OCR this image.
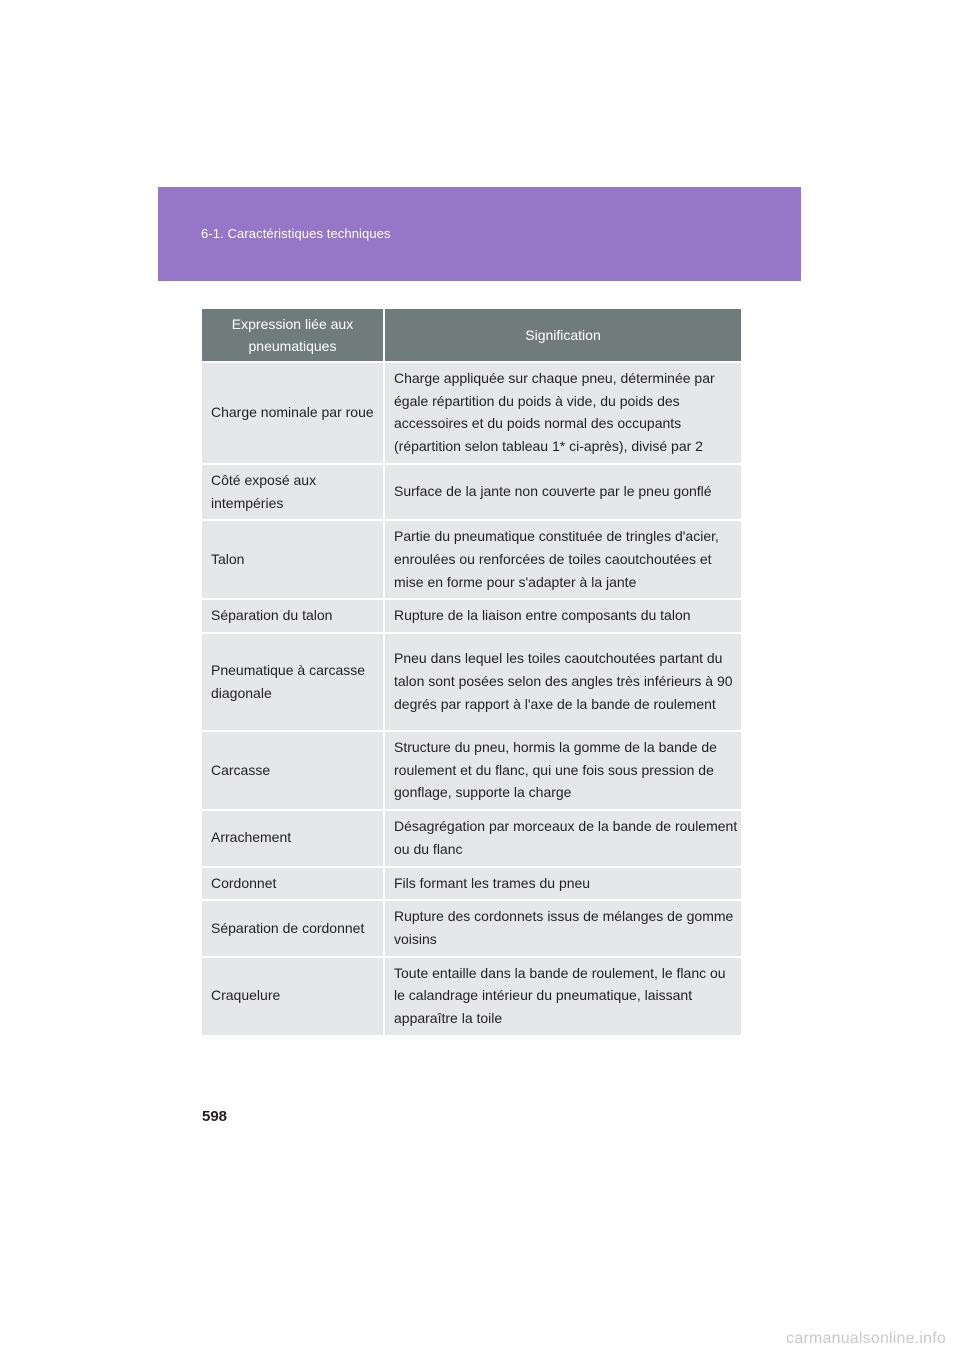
6-1. Caractéristiques techniques
Expression liée aux pneumatiques	Signification
Charge nominale par roue	Charge appliquée sur chaque pneu, déterminée par égale répartition du poids à vide, du poids des accessoires et du poids normal des occupants (répartition selon tableau 1* ci-après), divisé par 2
Côté exposé aux intempéries	Surface de la jante non couverte par le pneu gonflé
Talon	Partie du pneumatique constituée de tringles d'acier, enroulées ou renforcées de toiles caoutchoutées et mise en forme pour s'adapter à la jante
Séparation du talon	Rupture de la liaison entre composants du talon
Pneumatique à carcasse diagonale	Pneu dans lequel les toiles caoutchoutées partant du talon sont posées selon des angles très inférieurs à 90 degrés par rapport à l'axe de la bande de roulement
Carcasse	Structure du pneu, hormis la gomme de la bande de roulement et du flanc, qui une fois sous pression de gonflage, supporte la charge
Arrachement	Désagrégation par morceaux de la bande de roulement ou du flanc
Cordonnet	Fils formant les trames du pneu
Séparation de cordonnet	Rupture des cordonnets issus de mélanges de gomme voisins
Craquelure	Toute entaille dans la bande de roulement, le flanc ou le calandrage intérieur du pneumatique, laissant apparaître la toile
598
carmanualsonline.info
